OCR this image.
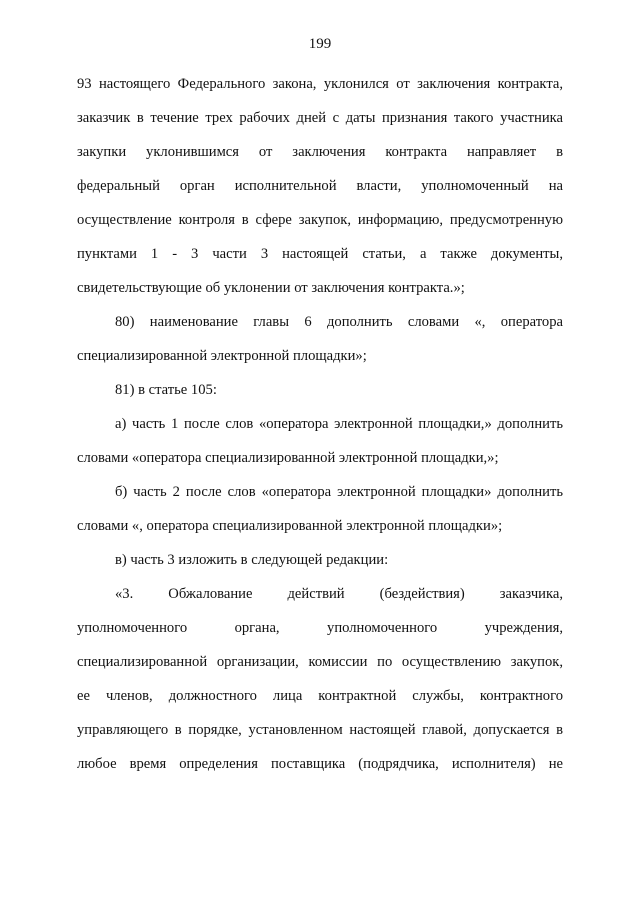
199
93 настоящего Федерального закона, уклонился от заключения контракта,
заказчик в течение трех рабочих дней с даты признания такого участника
закупки уклонившимся от заключения контракта направляет в
федеральный орган исполнительной власти, уполномоченный на
осуществление контроля в сфере закупок, информацию, предусмотренную
пунктами 1 - 3 части 3 настоящей статьи, а также документы,
свидетельствующие об уклонении от заключения контракта.»;
80) наименование главы 6 дополнить словами «, оператора
специализированной электронной площадки»;
81) в статье 105:
а) часть 1 после слов «оператора электронной площадки,» дополнить
словами «оператора специализированной электронной площадки,»;
б) часть 2 после слов «оператора электронной площадки» дополнить
словами «, оператора специализированной электронной площадки»;
в) часть 3 изложить в следующей редакции:
«3. Обжалование действий (бездействия) заказчика,
уполномоченного органа, уполномоченного учреждения,
специализированной организации, комиссии по осуществлению закупок,
ее членов, должностного лица контрактной службы, контрактного
управляющего в порядке, установленном настоящей главой, допускается в
любое время определения поставщика (подрядчика, исполнителя) не
